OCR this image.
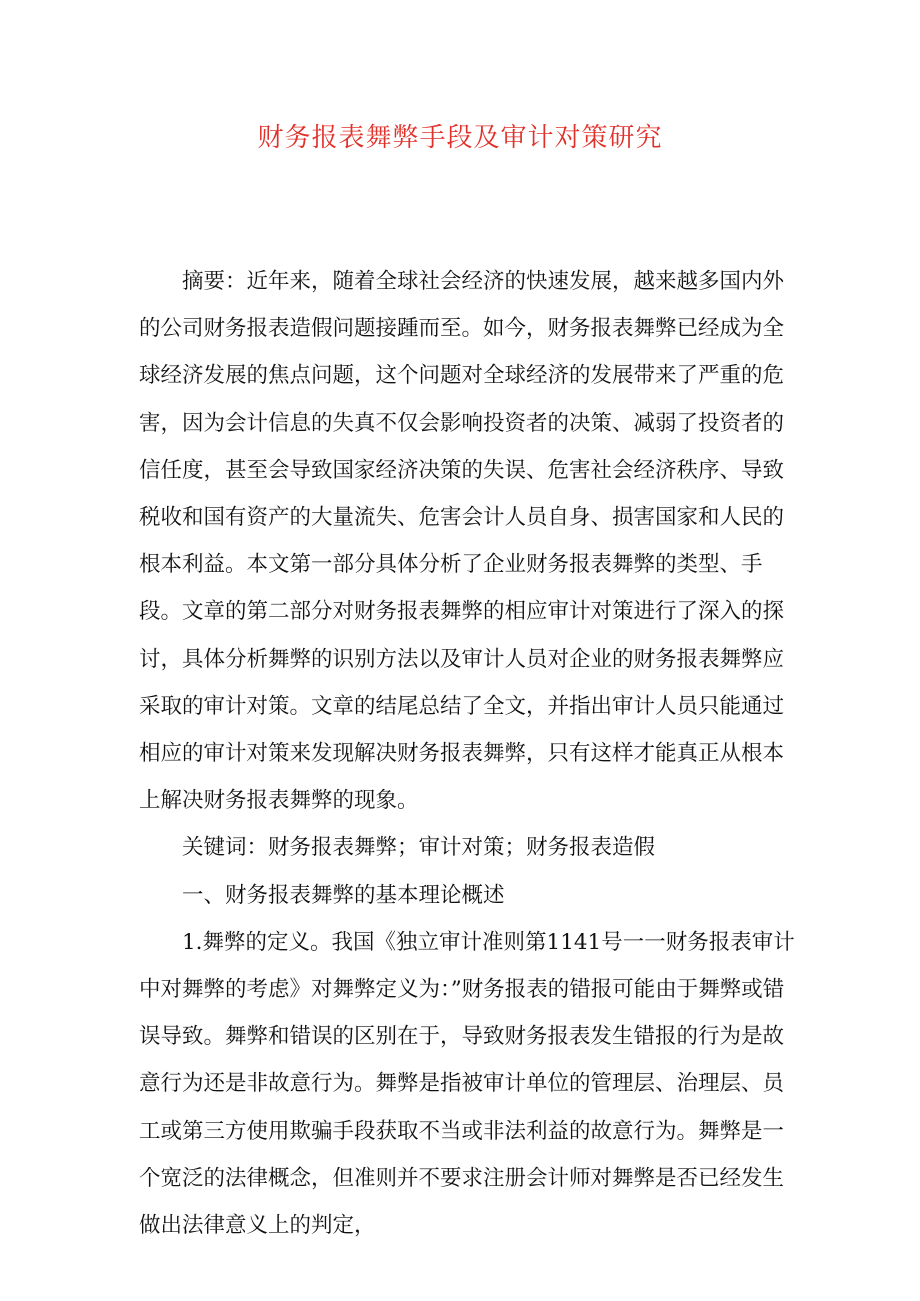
财务报表舞弊手段及审计对策研究

摘要：近年来，随着全球社会经济的快速发展，越来越多国内外的公司财务报表造假问题接踵而至。如今，财务报表舞弊已经成为全球经济发展的焦点问题，这个问题对全球经济的发展带来了严重的危害，因为会计信息的失真不仅会影响投资者的决策、减弱了投资者的信任度，甚至会导致国家经济决策的失误、危害社会经济秩序、导致税收和国有资产的大量流失、危害会计人员自身、损害国家和人民的根本利益。本文第一部分具体分析了企业财务报表舞弊的类型、手段。文章的第二部分对财务报表舞弊的相应审计对策进行了深入的探讨，具体分析舞弊的识别方法以及审计人员对企业的财务报表舞弊应采取的审计对策。文章的结尾总结了全文，并指出审计人员只能通过相应的审计对策来发现解决财务报表舞弊，只有这样才能真正从根本上解决财务报表舞弊的现象。

关键词：财务报表舞弊；审计对策；财务报表造假

一、财务报表舞弊的基本理论概述

1.舞弊的定义。我国《独立审计准则第1141号一一财务报表审计中对舞弊的考虑》对舞弊定义为：”财务报表的错报可能由于舞弊或错误导致。舞弊和错误的区别在于，导致财务报表发生错报的行为是故意行为还是非故意行为。舞弊是指被审计单位的管理层、治理层、员工或第三方使用欺骗手段获取不当或非法利益的故意行为。舞弊是一个宽泛的法律概念，但准则并不要求注册会计师对舞弊是否已经发生做出法律意义上的判定，
